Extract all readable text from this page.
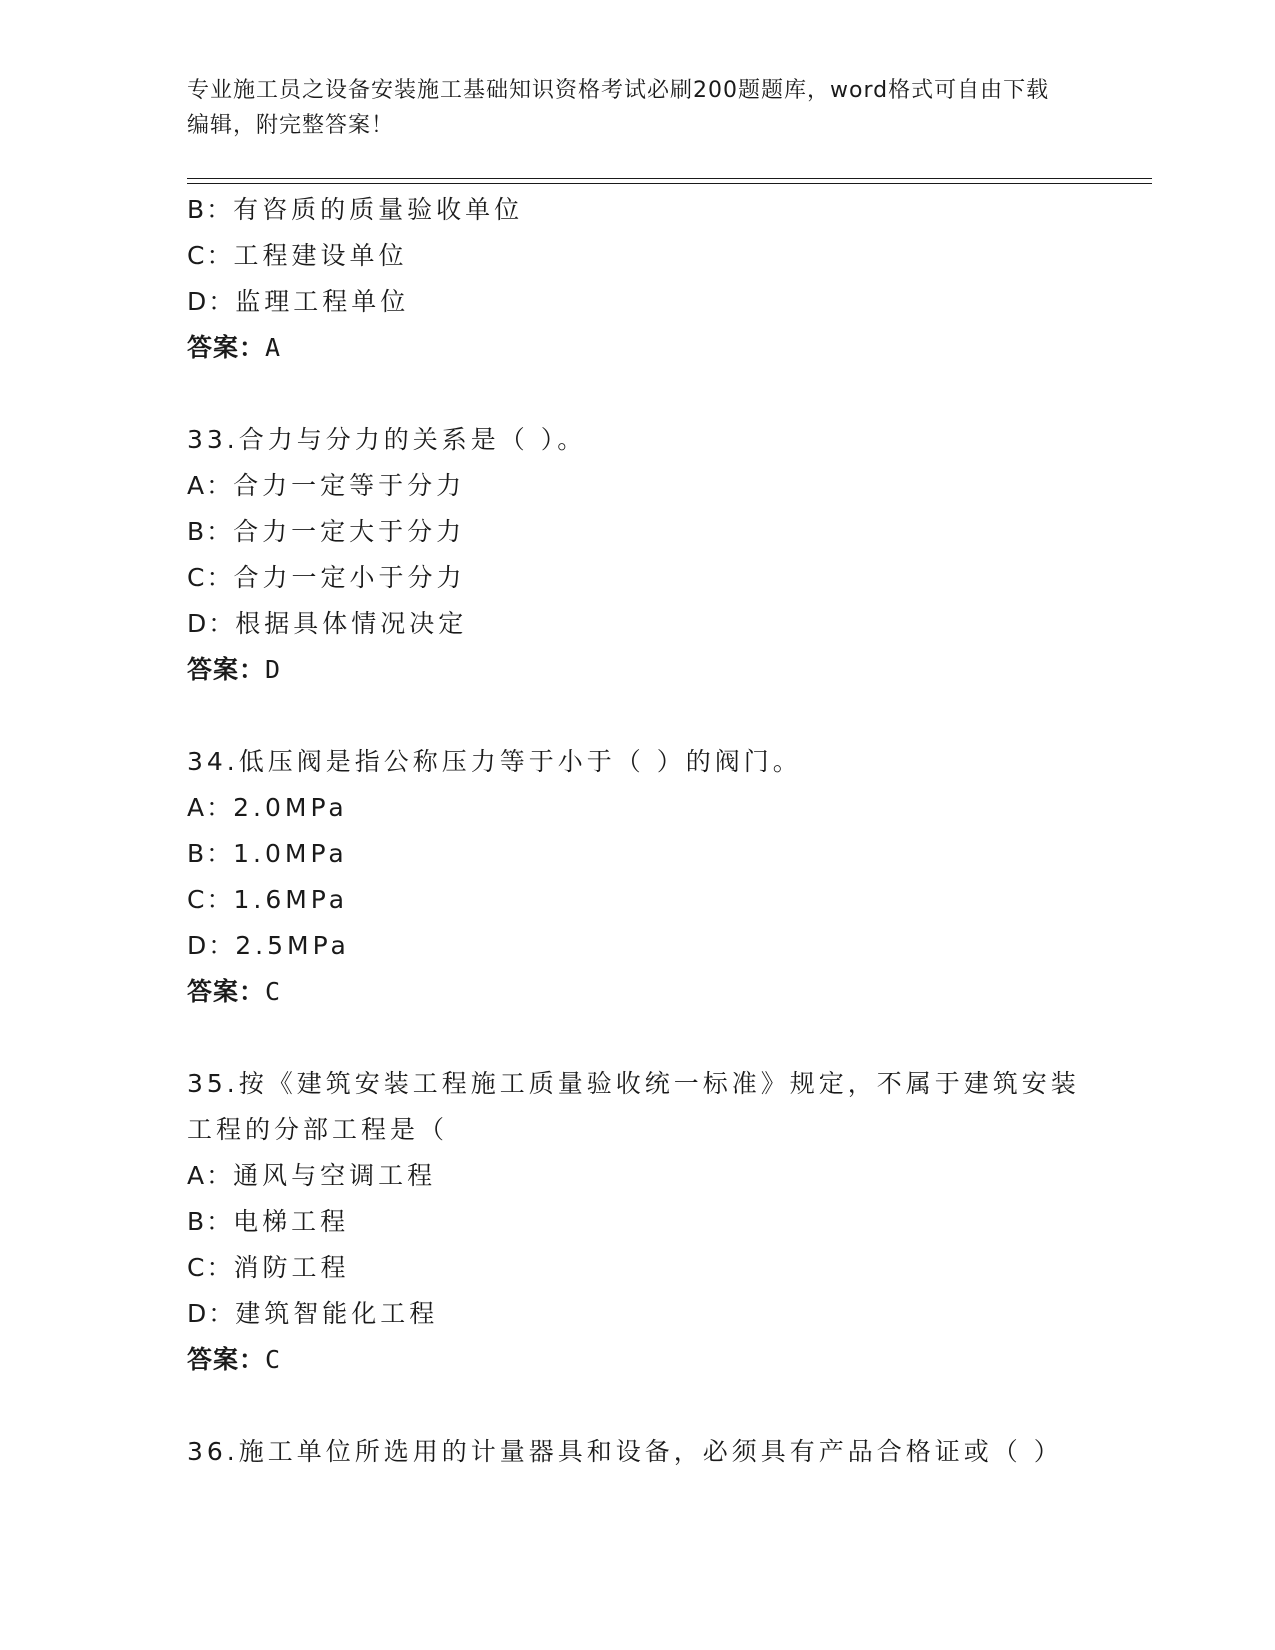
专业施工员之设备安装施工基础知识资格考试必刷200题题库，word格式可自由下载编辑，附完整答案！
B：有咨质的质量验收单位
C：工程建设单位
D：监理工程单位
答案：A
33.合力与分力的关系是（ ）。
A：合力一定等于分力
B：合力一定大于分力
C：合力一定小于分力
D：根据具体情况决定
答案：D
34.低压阀是指公称压力等于小于（ ）的阀门。
A：2.0MPa
B：1.0MPa
C：1.6MPa
D：2.5MPa
答案：C
35.按《建筑安装工程施工质量验收统一标准》规定，不属于建筑安装
工程的分部工程是（
A：通风与空调工程
B：电梯工程
C：消防工程
D：建筑智能化工程
答案：C
36.施工单位所选用的计量器具和设备，必须具有产品合格证或（ ）
